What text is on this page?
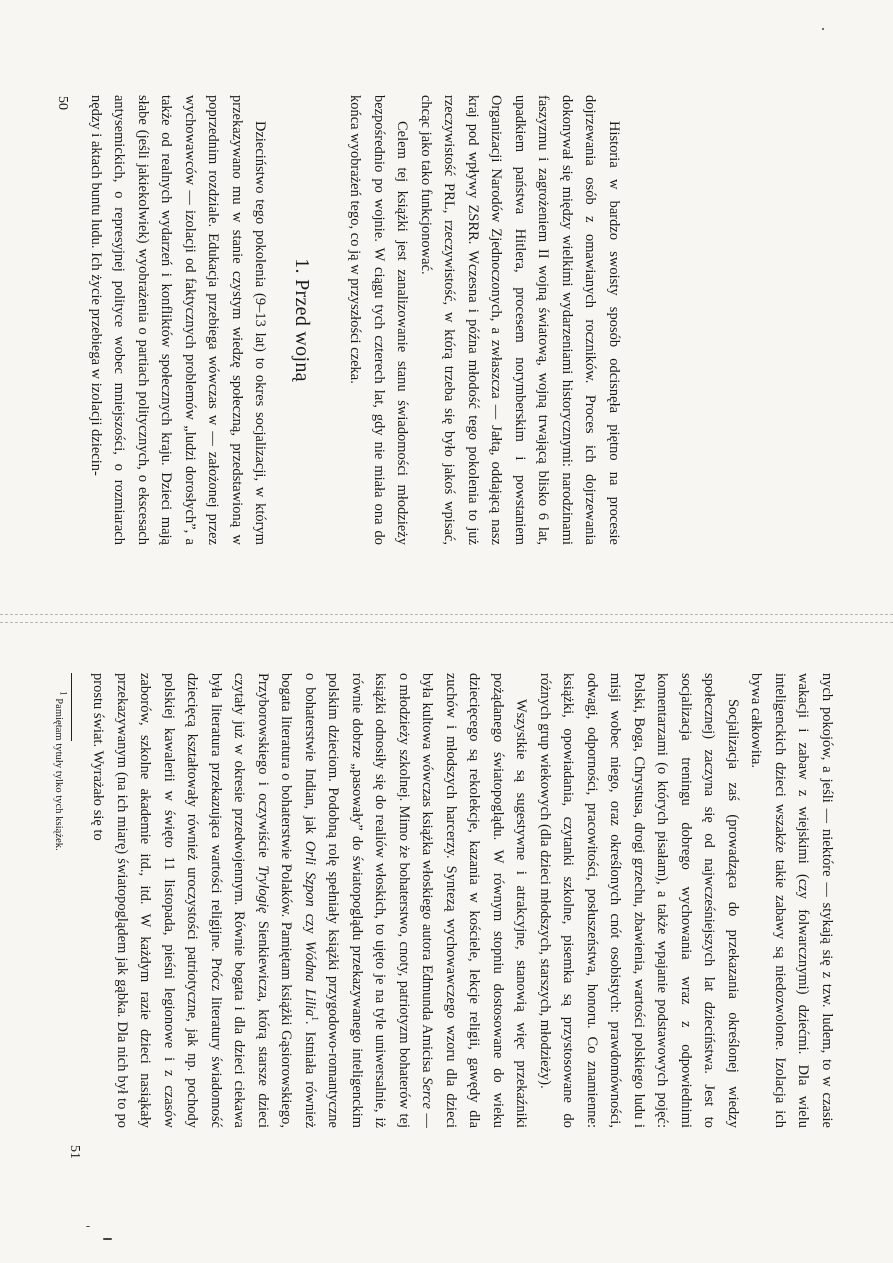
Historia w bardzo swoisty sposób odcisnęła piętno na procesie dojrzewania osób z omawianych roczników. Proces ich dojrzewania dokonywał się między wielkimi wydarzeniami historycznymi: narodzinami faszyzmu i zagrożeniem II wojną światową, wojną trwającą blisko 6 lat, upadkiem państwa Hitlera, procesem norymberskim i powstaniem Organizacji Narodów Zjednoczonych, a zwłaszcza — Jałtą, oddającą nasz kraj pod wpływy ZSRR. Wczesna i późna młodość tego pokolenia to już rzeczywistość PRL, rzeczywistość, w którą trzeba się było jakoś wpisać, chcąc jako tako funkcjonować.

Celem tej książki jest zanalizowanie stanu świadomości młodzieży bezpośrednio po wojnie. W ciągu tych czterech lat, gdy nie miała ona do końca wyobrażeń tego, co ją w przyszłości czeka.

1. Przed wojną

Dzieciństwo tego pokolenia (9–13 lat) to okres socjalizacji, w którym przekazywano mu w stanie czystym wiedzę społeczną, przedstawioną w poprzednim rozdziale. Edukacja przebiega wówczas w — założonej przez wychowawców — izolacji od faktycznych problemów „ludzi dorosłych”, a także od realnych wydarzeń i konfliktów społecznych kraju. Dzieci mają słabe (jeśli jakiekolwiek) wyobrażenia o partiach politycznych, o ekscesach antysemickich, o represyjnej polityce wobec mniejszości, o rozmiarach nędzy i aktach buntu ludu. Ich życie przebiega w izolacji dziecin-

50

nych pokojów, a jeśli — niektóre — stykają się z tzw. ludem, to w czasie wakacji i zabaw z wiejskimi (czy folwarcznymi) dziećmi. Dla wielu inteligenckich dzieci wszakże takie zabawy są niedozwolone. Izolacja ich bywa całkowita.

Socjalizacja zaś (prowadząca do przekazania określonej wiedzy społecznej) zaczyna się od najwcześniejszych lat dzieciństwa. Jest to socjalizacja treningu dobrego wychowania wraz z odpowiednimi komentarzami (o których pisałam), a także wpajanie podstawowych pojęć: Polski, Boga, Chrystusa, drogi grzechu, zbawienia, wartości polskiego ludu i misji wobec niego, oraz określonych cnót osobistych: prawdomówności, odwagi, odporności, pracowitości, posłuszeństwa, honoru. Co znamienne: książki, opowiadania, czytanki szkolne, pisemka są przystosowane do różnych grup wiekowych (dla dzieci młodszych, starszych, młodzieży).

Wszystkie są sugestywne i atrakcyjne, stanowią więc przekaźniki pożądanego światopoglądu. W równym stopniu dostosowane do wieku dziecięcego są rekolekcje, kazania w kościele, lekcje religii, gawędy dla zuchów i młodszych harcerzy. Syntezą wychowawczego wzoru dla dzieci była kultowa wówczas książka włoskiego autora Edmunda Amicisa Serce — o młodzieży szkolnej. Mimo że bohaterstwo, cnoty, patriotyzm bohaterów tej książki odnosiły się do realiów włoskich, to ujęto je na tyle uniwersalnie, iż równie dobrze „pasowały” do światopoglądu przekazywanego inteligenckim polskim dzieciom. Podobną rolę spełniały książki przygodowo-romantyczne o bohaterstwie Indian, jak Orli Szpon czy Wódna Lilia$^1$. Istniała również bogata literatura o bohaterstwie Polaków. Pamiętam książki Gąsiorowskiego, Przyborowskiego i oczywiście Trylogię Sienkiewicza, którą starsze dzieci czytały już w okresie przedwojennym. Równie bogata i dla dzieci ciekawa była literatura przekazująca wartości religijne. Prócz literatury świadomość dziecięcą kształtowały również uroczystości patriotyczne, jak np. pochody polskiej kawalerii w święto 11 listopada, pieśni legionowe i z czasów zaborów, szkolne akademie itd., itd. W każdym razie dzieci nasiąkały przekazywanym (na ich miarę) światopoglądem jak gąbka. Dla nich był to po prostu świat. Wyrażało się to

1 Pamiętam tytuły tylko tych książek.
51
